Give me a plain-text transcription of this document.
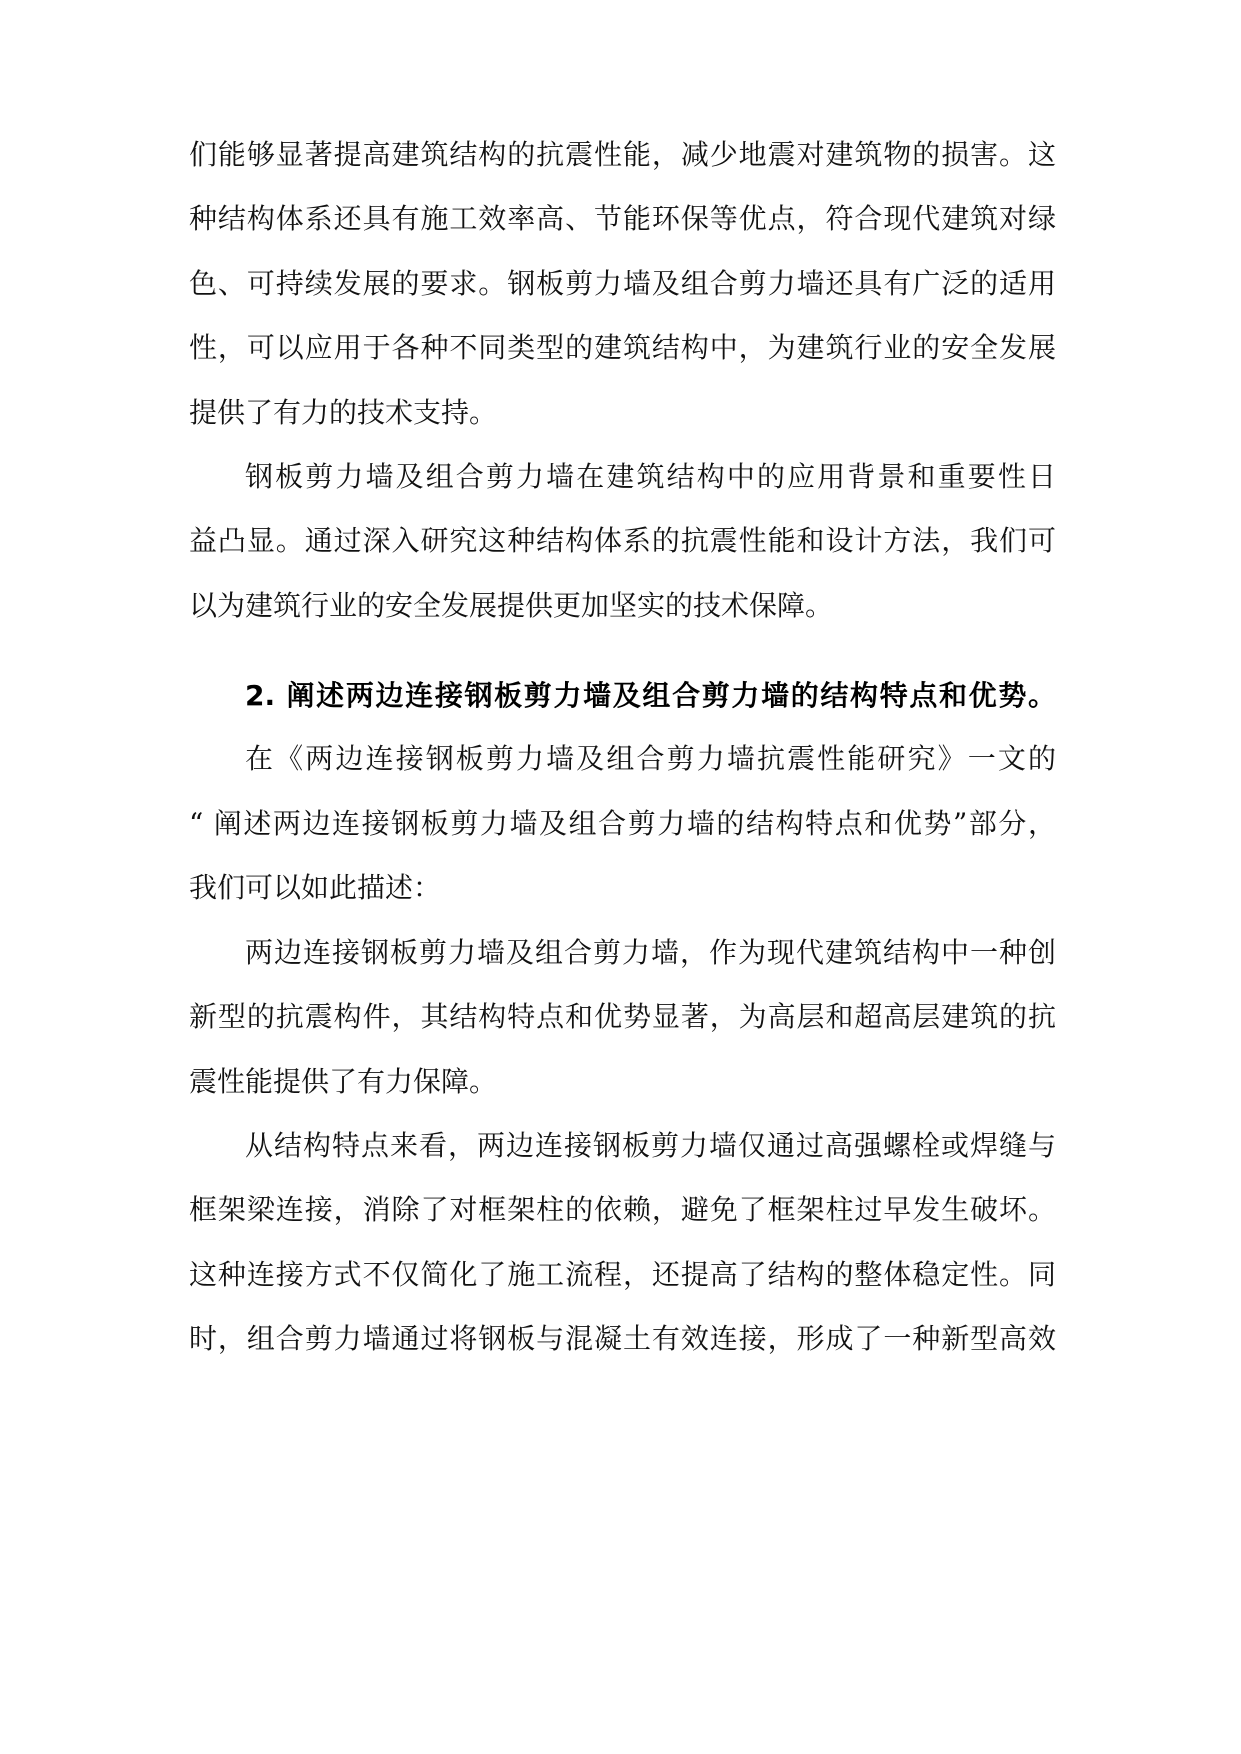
们能够显著提高建筑结构的抗震性能，减少地震对建筑物的损害。这
种结构体系还具有施工效率高、节能环保等优点，符合现代建筑对绿
色、可持续发展的要求。钢板剪力墙及组合剪力墙还具有广泛的适用
性，可以应用于各种不同类型的建筑结构中，为建筑行业的安全发展
提供了有力的技术支持。
钢板剪力墙及组合剪力墙在建筑结构中的应用背景和重要性日
益凸显。通过深入研究这种结构体系的抗震性能和设计方法，我们可
以为建筑行业的安全发展提供更加坚实的技术保障。
2. 阐述两边连接钢板剪力墙及组合剪力墙的结构特点和优势。
在《两边连接钢板剪力墙及组合剪力墙抗震性能研究》一文的
“ 阐述两边连接钢板剪力墙及组合剪力墙的结构特点和优势”部分，
我们可以如此描述：
两边连接钢板剪力墙及组合剪力墙，作为现代建筑结构中一种创
新型的抗震构件，其结构特点和优势显著，为高层和超高层建筑的抗
震性能提供了有力保障。
从结构特点来看，两边连接钢板剪力墙仅通过高强螺栓或焊缝与
框架梁连接，消除了对框架柱的依赖，避免了框架柱过早发生破坏。
这种连接方式不仅简化了施工流程，还提高了结构的整体稳定性。同
时，组合剪力墙通过将钢板与混凝土有效连接，形成了一种新型高效
